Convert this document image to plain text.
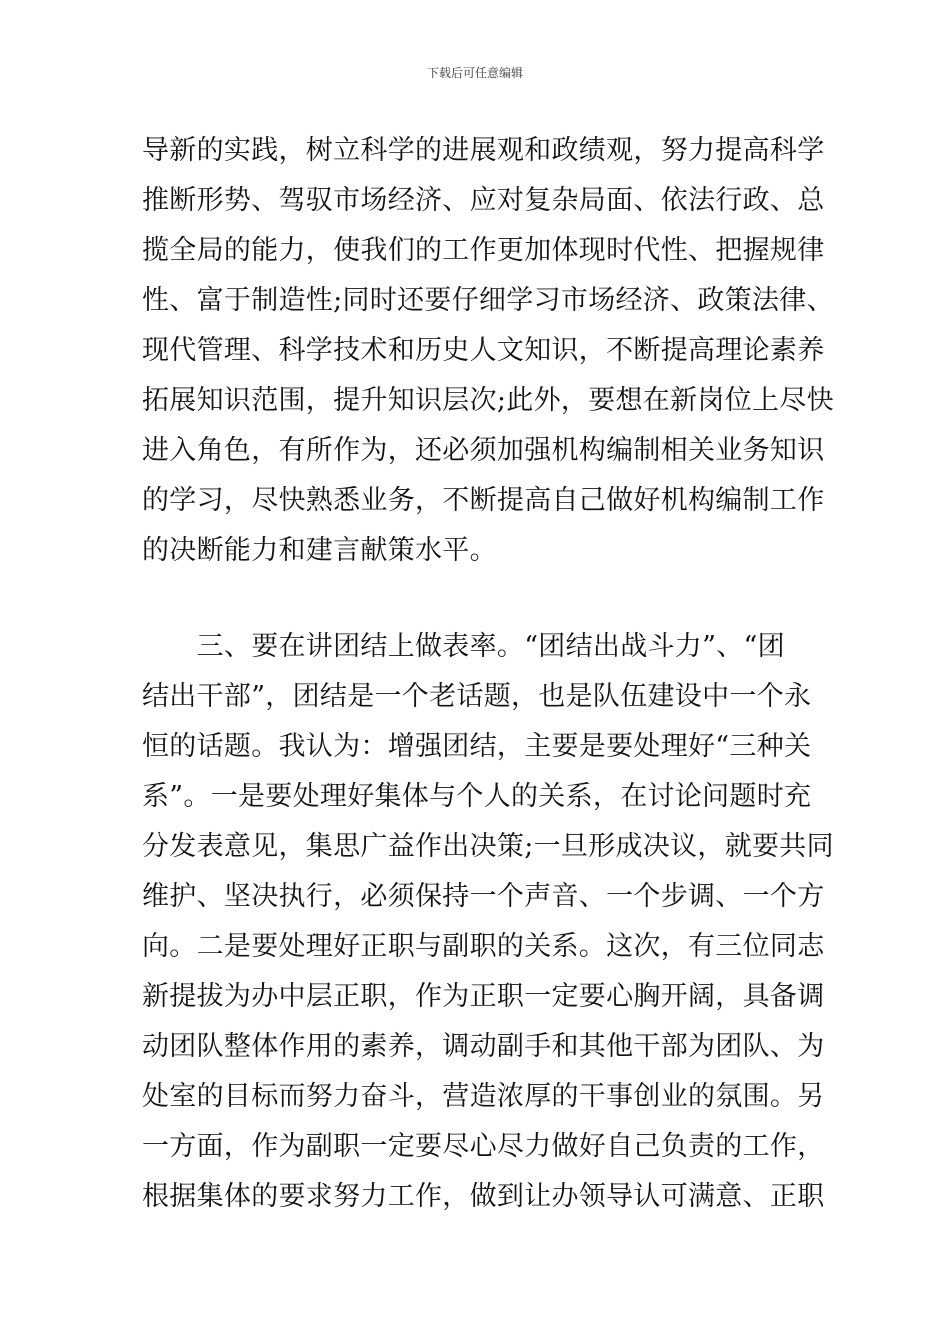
下载后可任意编辑
导新的实践，树立科学的进展观和政绩观，努力提高科学
推断形势、驾驭市场经济、应对复杂局面、依法行政、总
揽全局的能力，使我们的工作更加体现时代性、把握规律
性、富于制造性;同时还要仔细学习市场经济、政策法律、
现代管理、科学技术和历史人文知识，不断提高理论素养
拓展知识范围，提升知识层次;此外，要想在新岗位上尽快
进入角色，有所作为，还必须加强机构编制相关业务知识
的学习，尽快熟悉业务，不断提高自己做好机构编制工作
的决断能力和建言献策水平。
　　三、要在讲团结上做表率。“团结出战斗力”、“团
结出干部”，团结是一个老话题，也是队伍建设中一个永
恒的话题。我认为：增强团结，主要是要处理好“三种关
系”。一是要处理好集体与个人的关系，在讨论问题时充
分发表意见，集思广益作出决策;一旦形成决议，就要共同
维护、坚决执行，必须保持一个声音、一个步调、一个方
向。二是要处理好正职与副职的关系。这次，有三位同志
新提拔为办中层正职，作为正职一定要心胸开阔，具备调
动团队整体作用的素养，调动副手和其他干部为团队、为
处室的目标而努力奋斗，营造浓厚的干事创业的氛围。另
一方面，作为副职一定要尽心尽力做好自己负责的工作，
根据集体的要求努力工作，做到让办领导认可满意、正职
